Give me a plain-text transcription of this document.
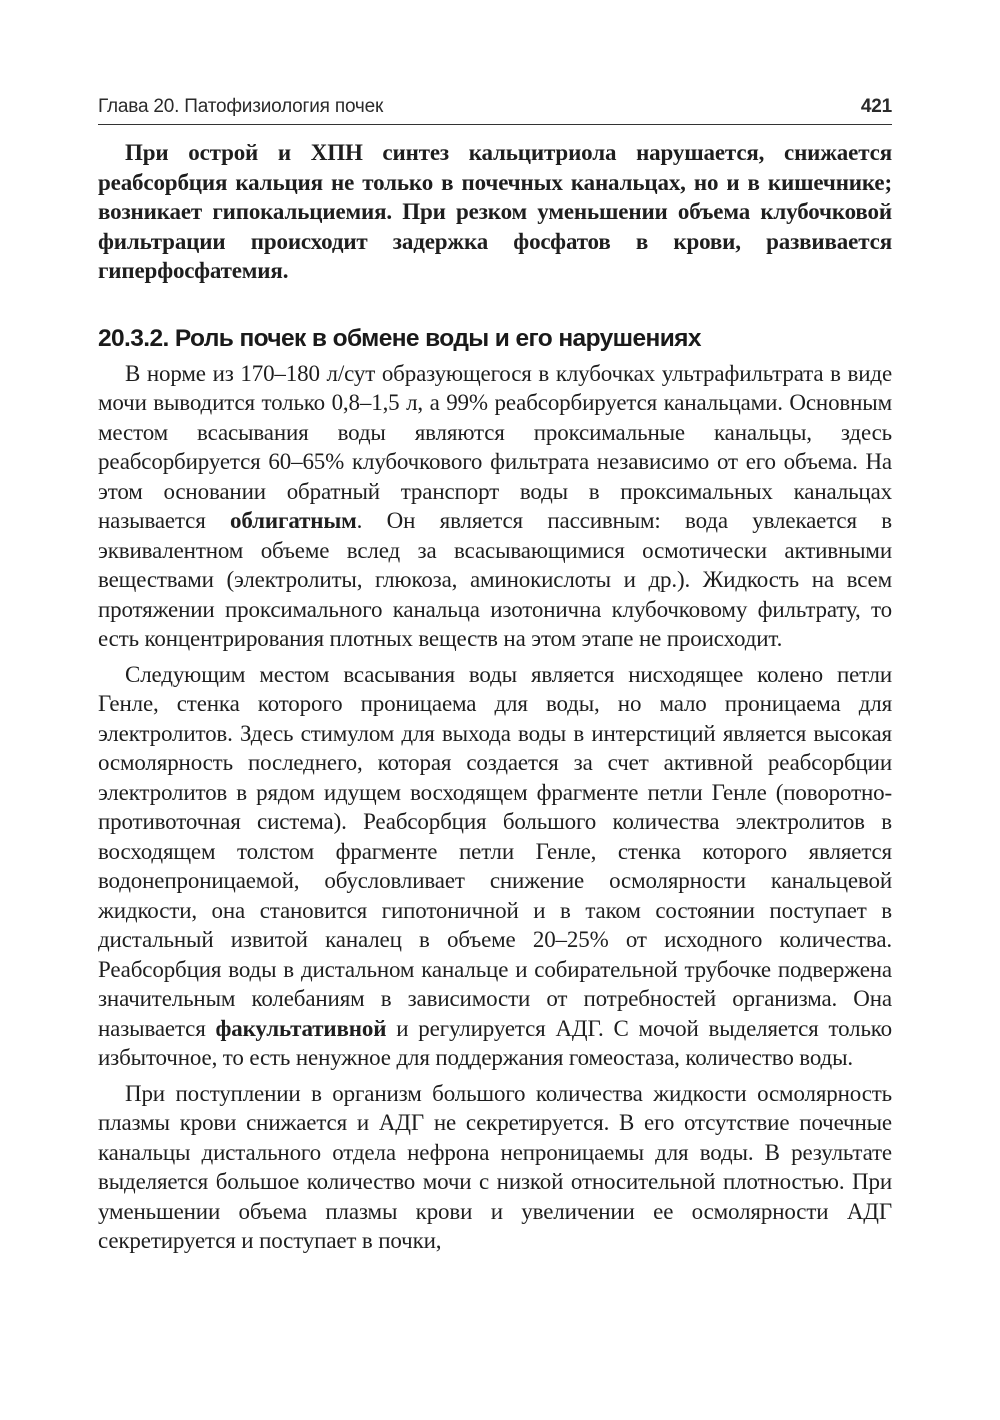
Глава 20. Патофизиология почек	421

При острой и ХПН синтез кальцитриола нарушается, снижается реабсорбция кальция не только в почечных канальцах, но и в кишечнике; возникает гипокальциемия. При резком уменьшении объема клубочковой фильтрации происходит задержка фосфатов в крови, развивается гиперфосфатемия.

20.3.2. Роль почек в обмене воды и его нарушениях

В норме из 170–180 л/сут образующегося в клубочках ультрафильтрата в виде мочи выводится только 0,8–1,5 л, а 99% реабсорбируется канальцами. Основным местом всасывания воды являются проксимальные канальцы, здесь реабсорбируется 60–65% клубочкового фильтрата независимо от его объема. На этом основании обратный транспорт воды в проксимальных канальцах называется облигатным. Он является пассивным: вода увлекается в эквивалентном объеме вслед за всасывающимися осмотически активными веществами (электролиты, глюкоза, аминокислоты и др.). Жидкость на всем протяжении проксимального канальца изотонична клубочковому фильтрату, то есть концентрирования плотных веществ на этом этапе не происходит.

Следующим местом всасывания воды является нисходящее колено петли Генле, стенка которого проницаема для воды, но мало проницаема для электролитов. Здесь стимулом для выхода воды в интерстиций является высокая осмолярность последнего, которая создается за счет активной реабсорбции электролитов в рядом идущем восходящем фрагменте петли Генле (поворотно-противоточная система). Реабсорбция большого количества электролитов в восходящем толстом фрагменте петли Генле, стенка которого является водонепроницаемой, обусловливает снижение осмолярности канальцевой жидкости, она становится гипотоничной и в таком состоянии поступает в дистальный извитой каналец в объеме 20–25% от исходного количества. Реабсорбция воды в дистальном канальце и собирательной трубочке подвержена значительным колебаниям в зависимости от потребностей организма. Она называется факультативной и регулируется АДГ. С мочой выделяется только избыточное, то есть ненужное для поддержания гомеостаза, количество воды.

При поступлении в организм большого количества жидкости осмолярность плазмы крови снижается и АДГ не секретируется. В его отсутствие почечные канальцы дистального отдела нефрона непроницаемы для воды. В результате выделяется большое количество мочи с низкой относительной плотностью. При уменьшении объема плазмы крови и увеличении ее осмолярности АДГ секретируется и поступает в почки,
